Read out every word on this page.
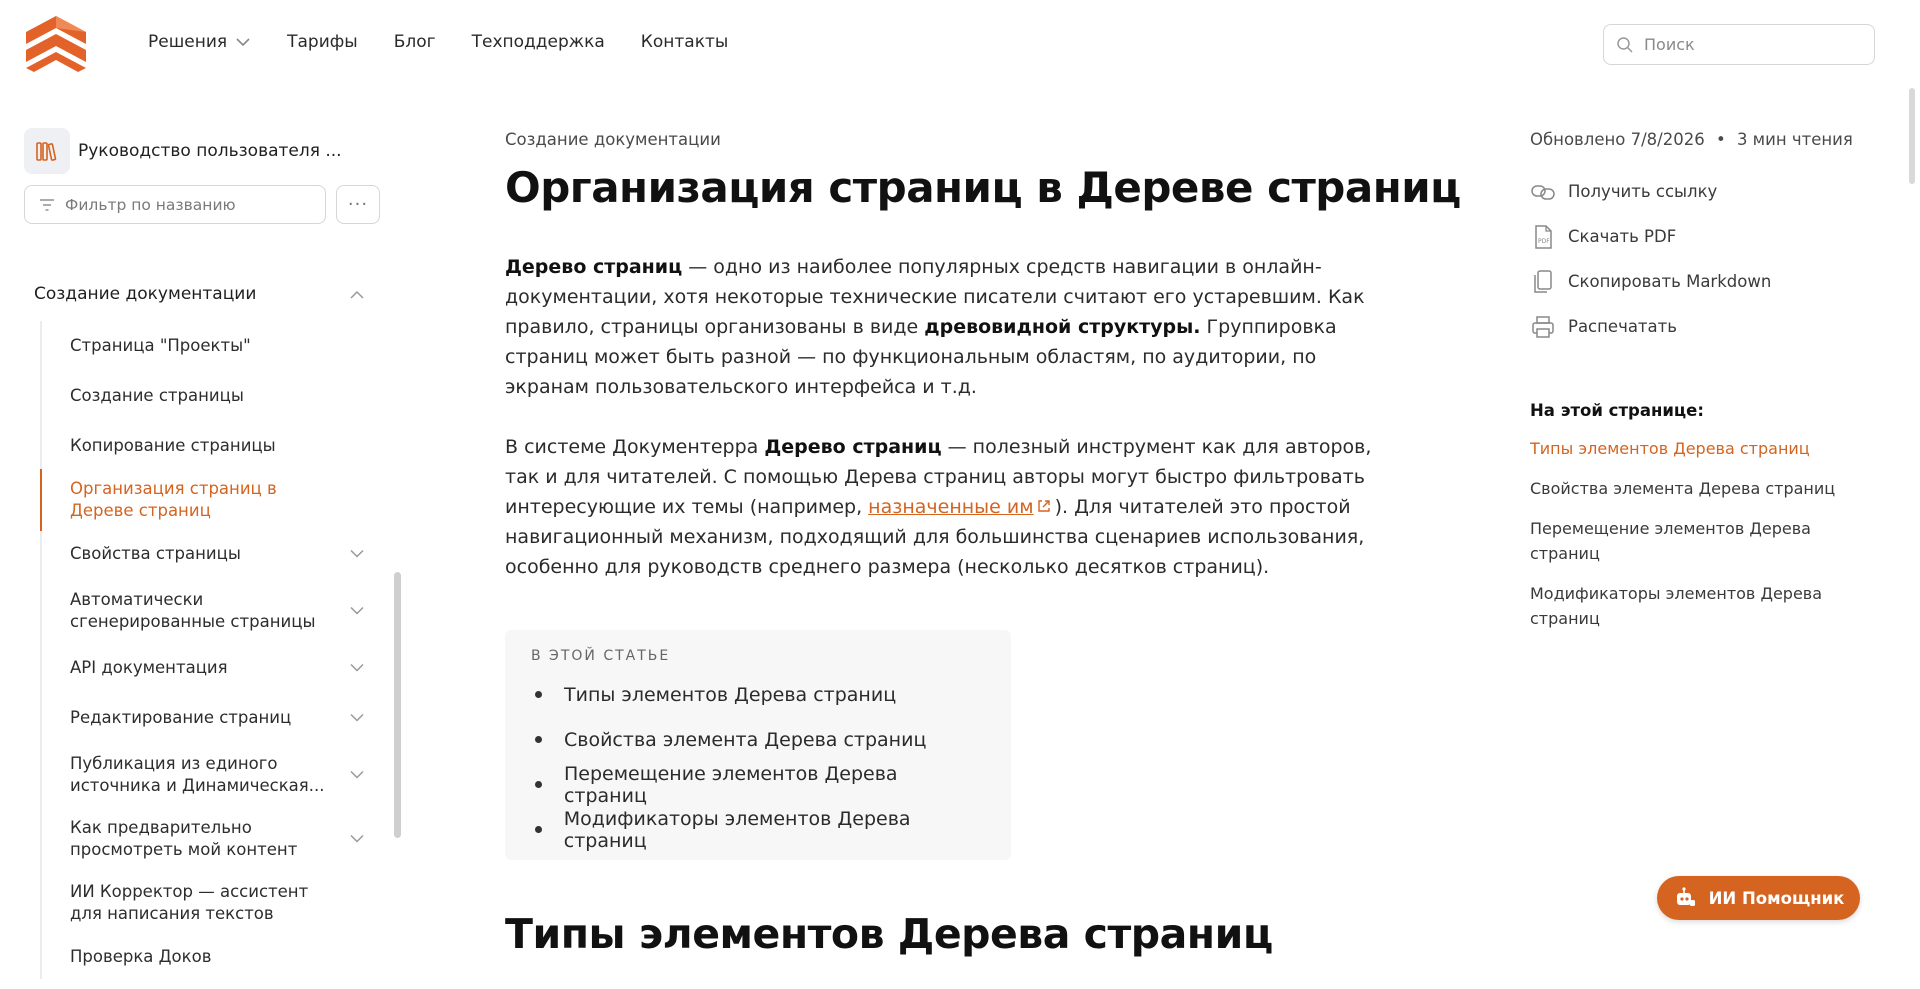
Решения	Тарифы Блог Техподдержка Контакты
Поиск
Руководство пользователя ...
Фильтр по названию
···
Создание документации
Страница "Проекты"
Создание страницы
Копирование страницы
Организация страниц в Дереве страниц
Свойства страницы
Автоматически сгенерированные страницы
API документация
Редактирование страниц
Публикация из единого источника и Динамическая...
Как предварительно просмотреть мой контент
ИИ Корректор — ассистент для написания текстов
Проверка Доков
Создание документации
Организация страниц в Дереве страниц

Дерево страниц — одно из наиболее популярных средств навигации в онлайн-документации, хотя некоторые технические писатели считают его устаревшим. Как правило, страницы организованы в виде древовидной структуры. Группировка страниц может быть разной — по функциональным областям, по аудитории, по экранам пользовательского интерфейса и т.д.

В системе Документерра Дерево страниц — полезный инструмент как для авторов, так и для читателей. С помощью Дерева страниц авторы могут быстро фильтровать интересующие их темы (например, назначенные им ). Для читателей это простой навигационный механизм, подходящий для большинства сценариев использования, особенно для руководств среднего размера (несколько десятков страниц).

В ЭТОЙ СТАТЬЕ
Типы элементов Дерева страниц
Свойства элемента Дерева страниц
Перемещение элементов Дерева страниц
Модификаторы элементов Дерева страниц
Типы элементов Дерева страниц
Обновлено 7/8/2026 • 3 мин чтения
Получить ссылку
PDF Скачать PDF
Скопировать Markdown
Распечатать
На этой странице:
Типы элементов Дерева страниц
Свойства элемента Дерева страниц
Перемещение элементов Дерева страниц
Модификаторы элементов Дерева страниц
ИИ Помощник
